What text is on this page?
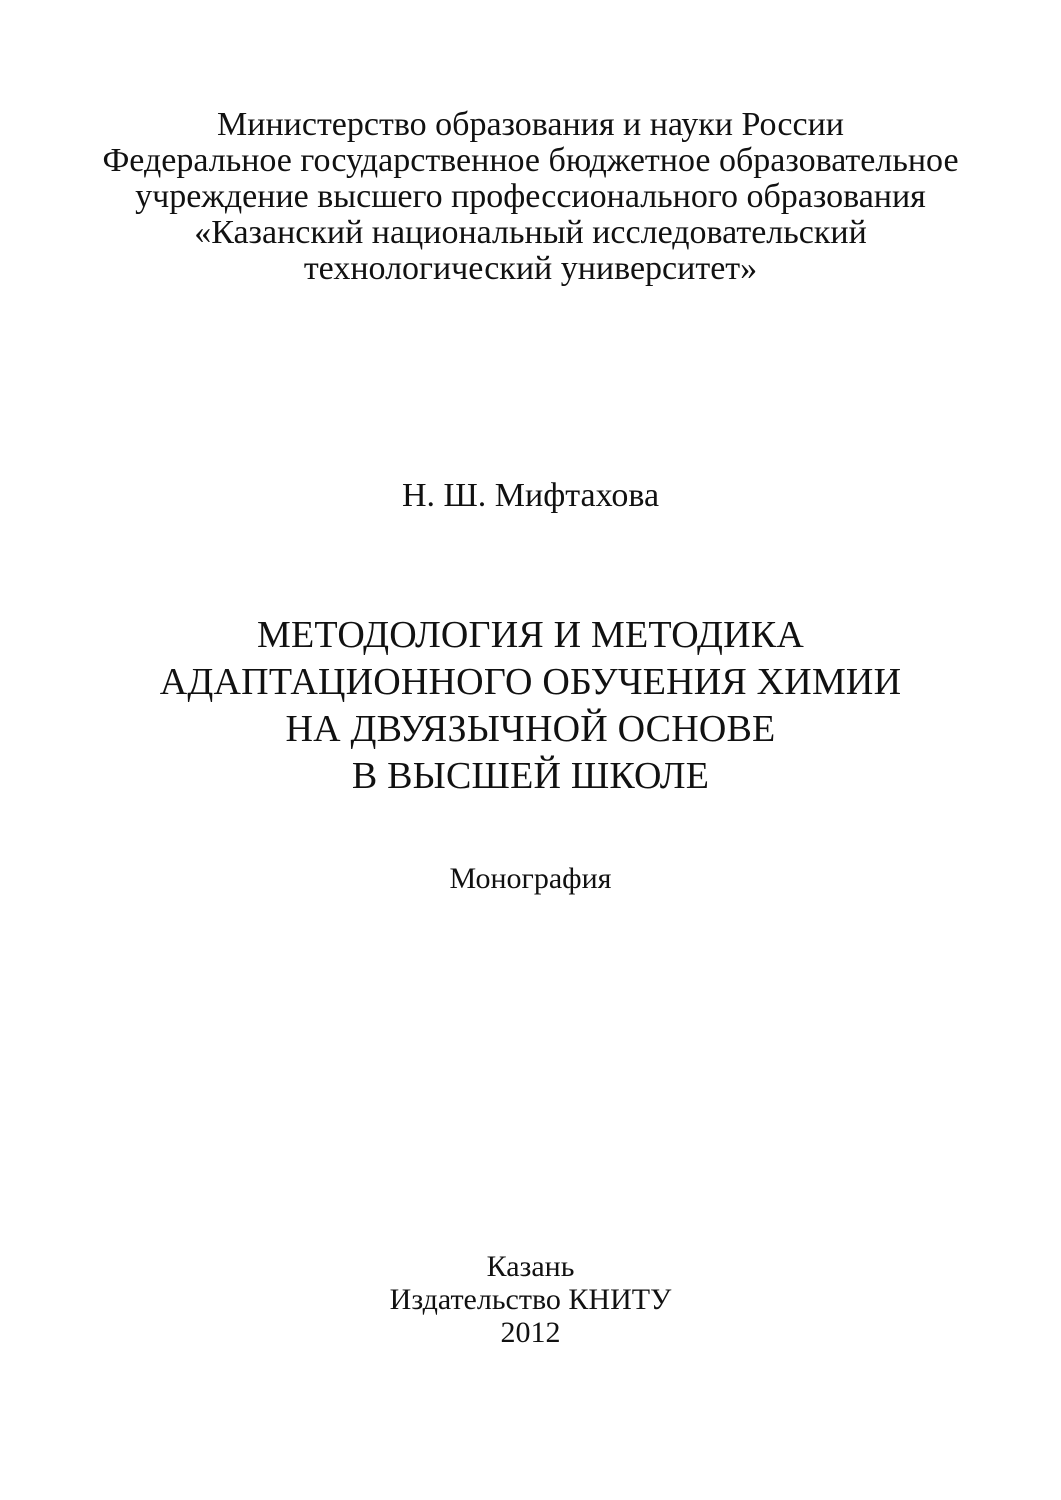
Министерство образования и науки России

Федеральное государственное бюджетное образовательное

учреждение высшего профессионального образования

«Казанский национальный исследовательский

технологический университет»

Н. Ш. Мифтахова

МЕТОДОЛОГИЯ И МЕТОДИКА

АДАПТАЦИОННОГО ОБУЧЕНИЯ ХИМИИ

НА ДВУЯЗЫЧНОЙ ОСНОВЕ

В ВЫСШЕЙ ШКОЛЕ

Монография

Казань

Издательство КНИТУ

2012
